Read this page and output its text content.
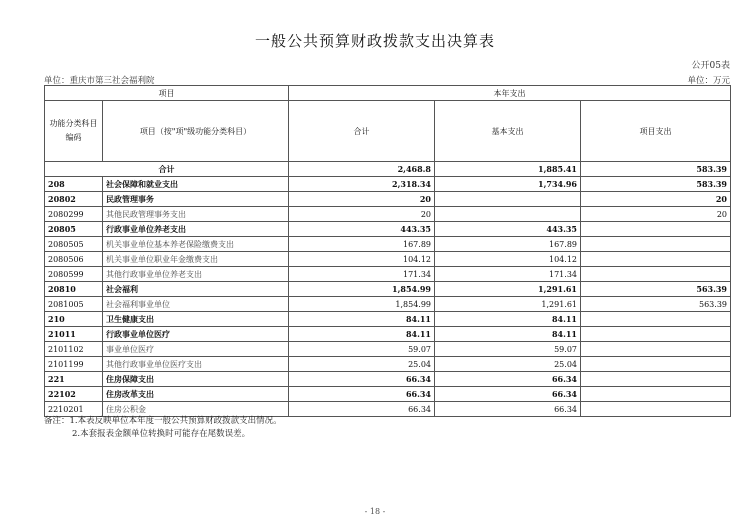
一般公共预算财政拨款支出决算表
公开05表
单位：重庆市第三社会福利院	单位：万元
项目		本年支出		
功能分类科目编码	项目（按"项"级功能分类科目）	合计	基本支出	项目支出
合计		2,468.8	1,885.41	583.39
208	社会保障和就业支出	2,318.34	1,734.96	583.39
20802	民政管理事务	20		20
2080299	其他民政管理事务支出	20		20
20805	行政事业单位养老支出	443.35	443.35	
2080505	机关事业单位基本养老保险缴费支出	167.89	167.89	
2080506	机关事业单位职业年金缴费支出	104.12	104.12	
2080599	其他行政事业单位养老支出	171.34	171.34	
20810	社会福利	1,854.99	1,291.61	563.39
2081005	社会福利事业单位	1,854.99	1,291.61	563.39
210	卫生健康支出	84.11	84.11	
21011	行政事业单位医疗	84.11	84.11	
2101102	事业单位医疗	59.07	59.07	
2101199	其他行政事业单位医疗支出	25.04	25.04	
221	住房保障支出	66.34	66.34	
22102	住房改革支出	66.34	66.34	
2210201	住房公积金	66.34	66.34	
备注：1.本表反映单位本年度一般公共预算财政拨款支出情况。
2.本套报表金额单位转换时可能存在尾数误差。
- 18 -
